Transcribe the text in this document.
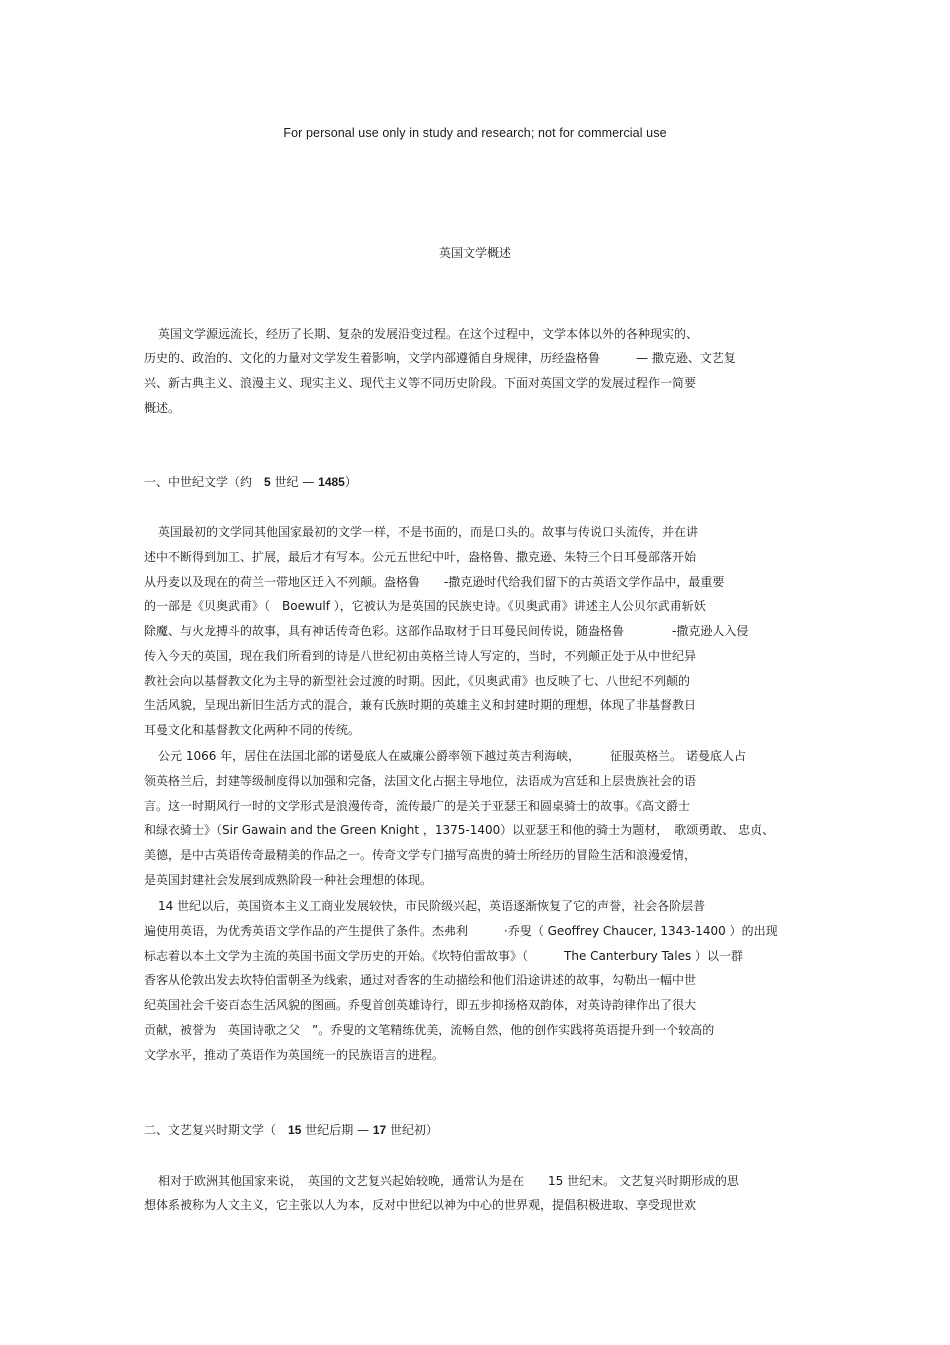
For personal use only in study and research; not for commercial use
英国文学概述
英国文学源远流长，经历了长期、复杂的发展沿变过程。在这个过程中，文学本体以外的各种现实的、
历史的、政治的、文化的力量对文学发生着影响，文学内部遵循自身规律，历经盎格鲁　　　— 撒克逊、文艺复
兴、新古典主义、浪漫主义、现实主义、现代主义等不同历史阶段。下面对英国文学的发展过程作一简要
概述。
一、中世纪文学（约　5 世纪 — 1485）
英国最初的文学同其他国家最初的文学一样，不是书面的，而是口头的。故事与传说口头流传，并在讲
述中不断得到加工、扩展，最后才有写本。公元五世纪中叶，盎格鲁、撒克逊、朱特三个日耳曼部落开始
从丹麦以及现在的荷兰一带地区迁入不列颠。盎格鲁　　-撒克逊时代给我们留下的古英语文学作品中，最重要
的一部是《贝奥武甫》（　Boewulf ），它被认为是英国的民族史诗。《贝奥武甫》讲述主人公贝尔武甫斩妖
除魔、与火龙搏斗的故事，具有神话传奇色彩。这部作品取材于日耳曼民间传说，随盎格鲁　　　　-撒克逊人入侵
传入今天的英国，现在我们所看到的诗是八世纪初由英格兰诗人写定的，当时，不列颠正处于从中世纪异
教社会向以基督教文化为主导的新型社会过渡的时期。因此，《贝奥武甫》也反映了七、八世纪不列颠的
生活风貌，呈现出新旧生活方式的混合，兼有氏族时期的英雄主义和封建时期的理想，体现了非基督教日
耳曼文化和基督教文化两种不同的传统。
公元 1066 年，居住在法国北部的诺曼底人在威廉公爵率领下越过英吉利海峡，　　　征服英格兰。 诺曼底人占
领英格兰后，封建等级制度得以加强和完备，法国文化占据主导地位，法语成为宫廷和上层贵族社会的语
言。这一时期风行一时的文学形式是浪漫传奇，流传最广的是关于亚瑟王和圆桌骑士的故事。《高文爵士
和绿衣骑士》（Sir Gawain and the Green Knight ，1375-1400）以亚瑟王和他的骑士为题材，　歌颂勇敢、 忠贞、
美德，是中古英语传奇最精美的作品之一。传奇文学专门描写高贵的骑士所经历的冒险生活和浪漫爱情，
是英国封建社会发展到成熟阶段一种社会理想的体现。
14 世纪以后，英国资本主义工商业发展较快，市民阶级兴起，英语逐渐恢复了它的声誉，社会各阶层普
遍使用英语，为优秀英语文学作品的产生提供了条件。杰弗利　　　·乔叟（ Geoffrey Chaucer, 1343-1400 ）的出现
标志着以本土文学为主流的英国书面文学历史的开始。《坎特伯雷故事》（　　　The Canterbury Tales ）以一群
香客从伦敦出发去坎特伯雷朝圣为线索，通过对香客的生动描绘和他们沿途讲述的故事，勾勒出一幅中世
纪英国社会千姿百态生活风貌的图画。乔叟首创英雄诗行，即五步抑扬格双韵体，对英诗韵律作出了很大
贡献，被誉为　英国诗歌之父　”。乔叟的文笔精练优美，流畅自然，他的创作实践将英语提升到一个较高的
文学水平，推动了英语作为英国统一的民族语言的进程。
二、文艺复兴时期文学（　15 世纪后期 — 17 世纪初）
相对于欧洲其他国家来说，　英国的文艺复兴起始较晚，通常认为是在　　15 世纪末。 文艺复兴时期形成的思
想体系被称为人文主义，它主张以人为本，反对中世纪以神为中心的世界观，提倡积极进取、享受现世欢
